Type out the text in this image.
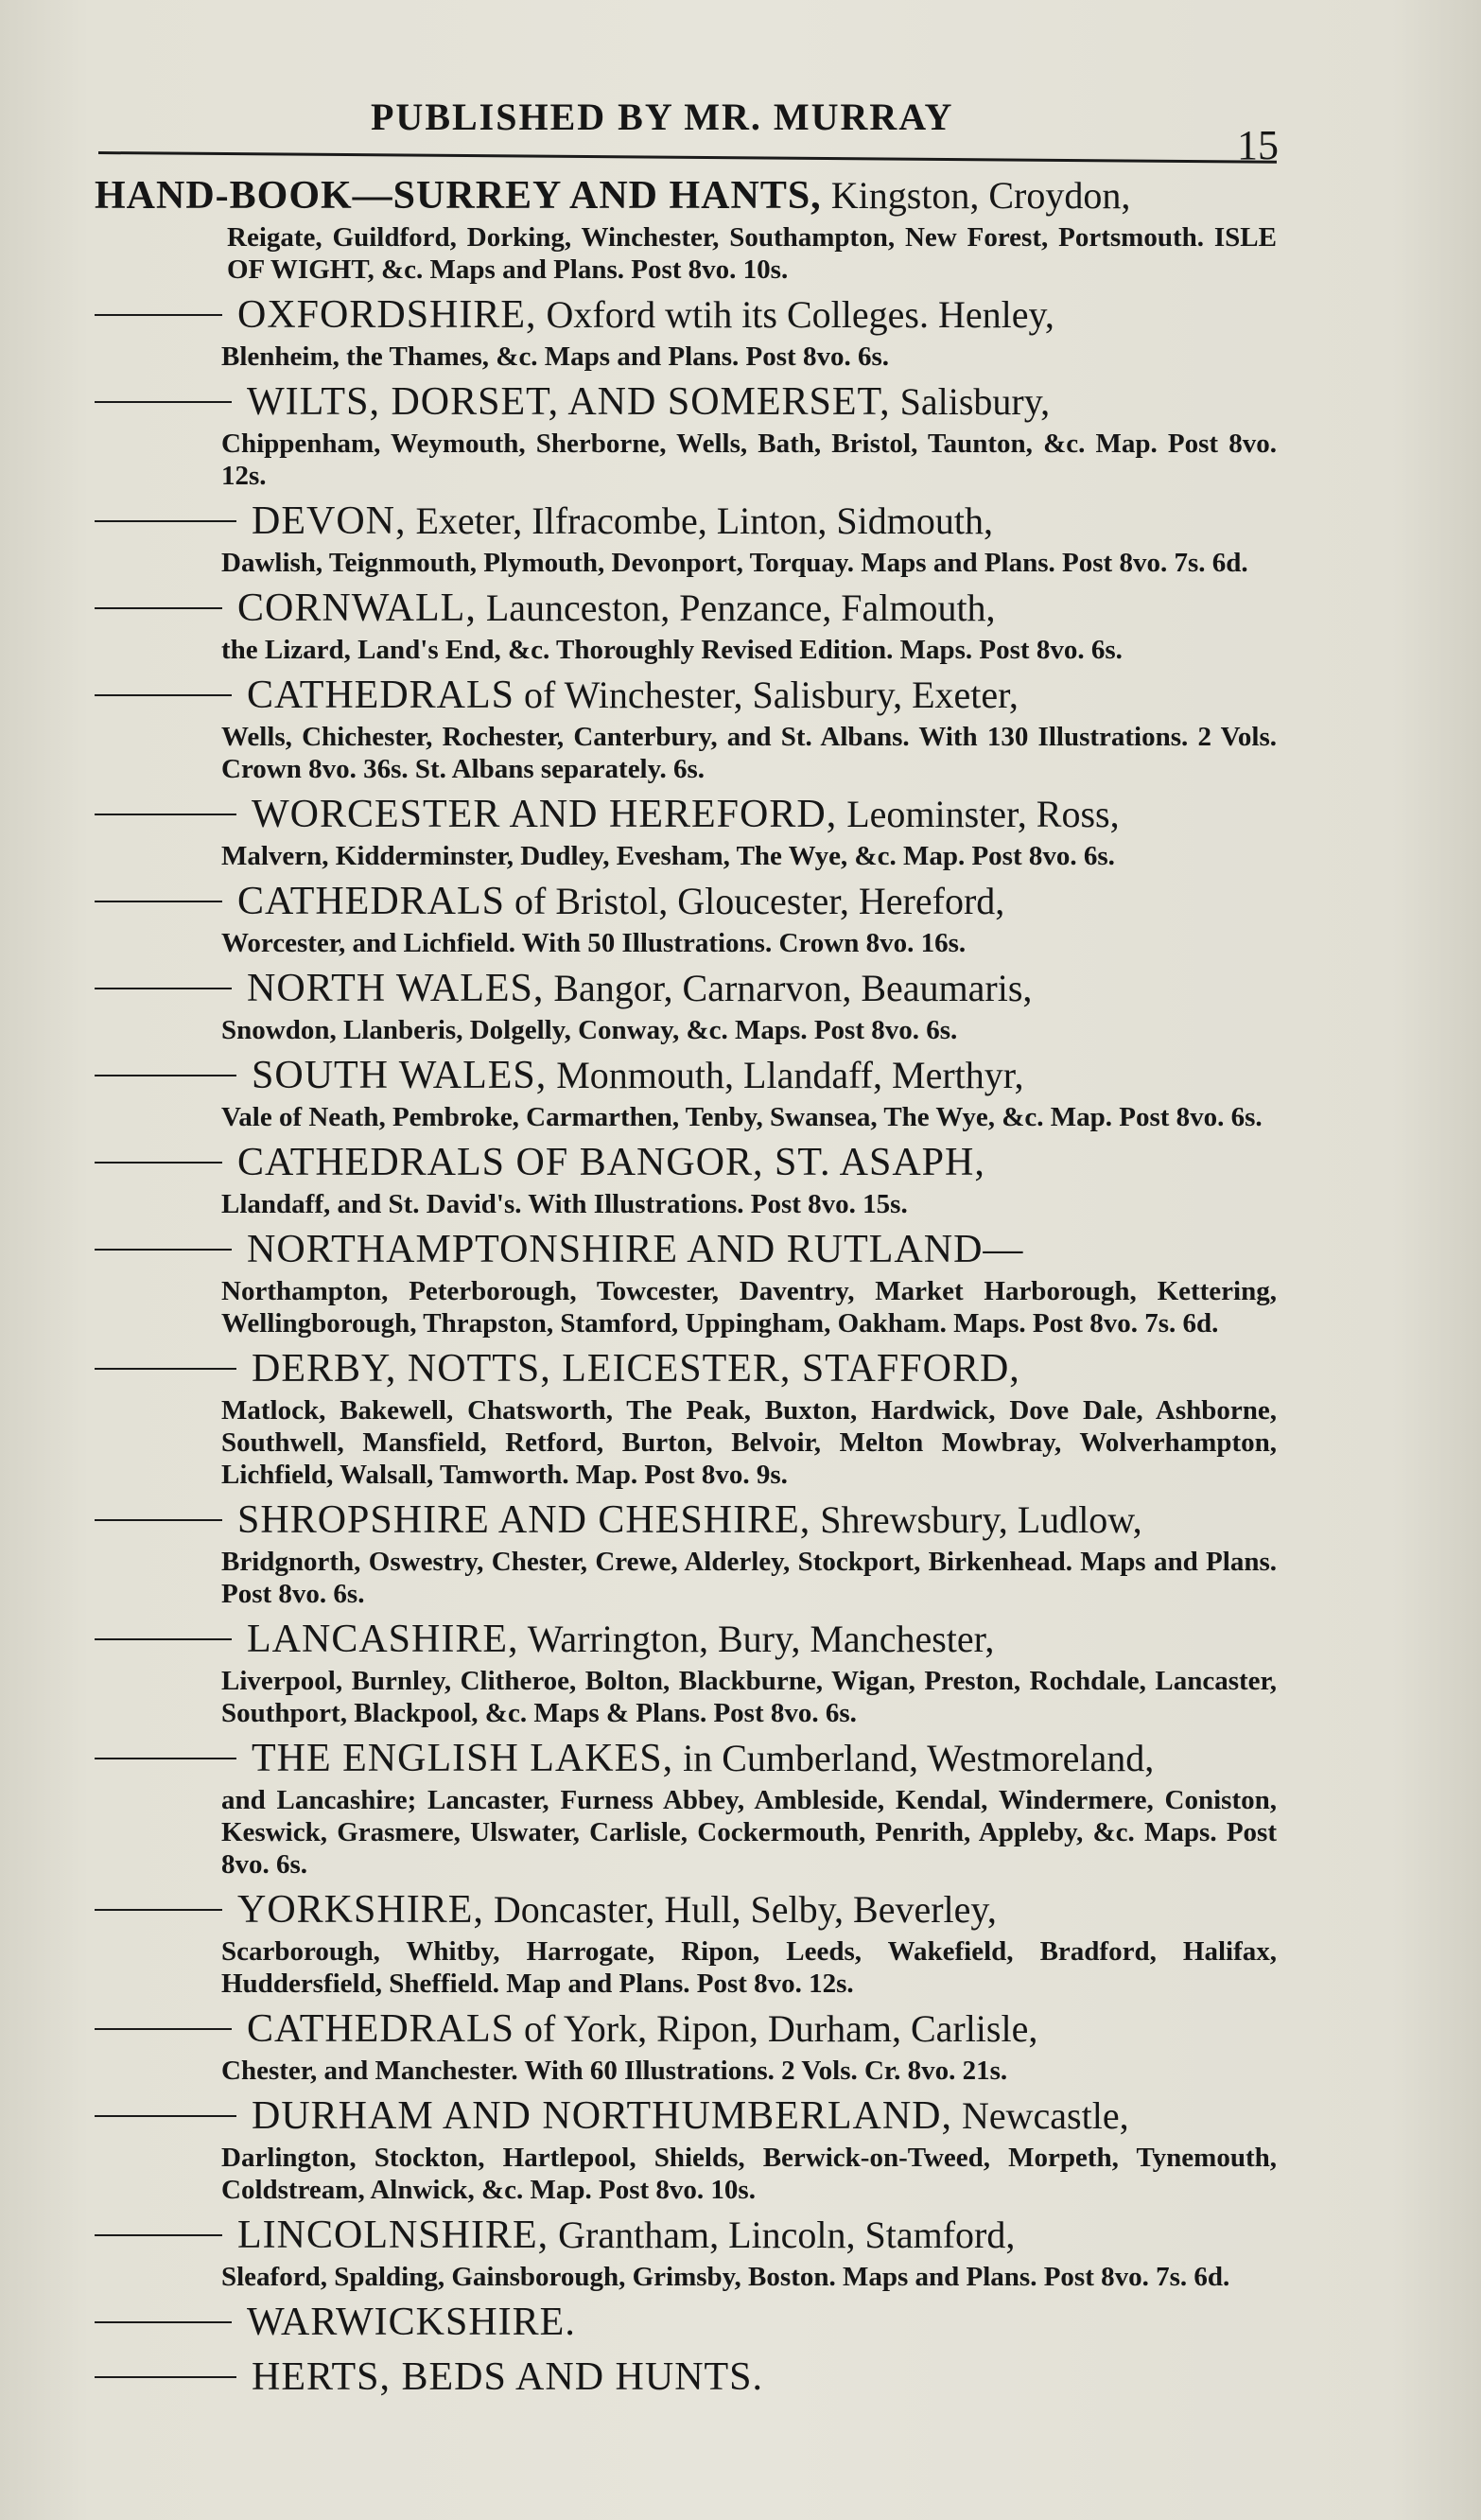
PUBLISHED BY MR. MURRAY
15
HAND-BOOK—SURREY AND HANTS, Kingston, Croydon,
Reigate, Guildford, Dorking, Winchester, Southampton, New Forest, Portsmouth. ISLE OF WIGHT, &c. Maps and Plans. Post 8vo. 10s.
OXFORDSHIRE, Oxford wtih its Colleges. Henley,
Blenheim, the Thames, &c. Maps and Plans. Post 8vo. 6s.
WILTS, DORSET, AND SOMERSET, Salisbury,
Chippenham, Weymouth, Sherborne, Wells, Bath, Bristol, Taunton, &c. Map. Post 8vo. 12s.
DEVON, Exeter, Ilfracombe, Linton, Sidmouth,
Dawlish, Teignmouth, Plymouth, Devonport, Torquay. Maps and Plans. Post 8vo. 7s. 6d.
CORNWALL, Launceston, Penzance, Falmouth,
the Lizard, Land's End, &c. Thoroughly Revised Edition. Maps. Post 8vo. 6s.
CATHEDRALS of Winchester, Salisbury, Exeter,
Wells, Chichester, Rochester, Canterbury, and St. Albans. With 130 Illustrations. 2 Vols. Crown 8vo. 36s. St. Albans separately. 6s.
WORCESTER AND HEREFORD, Leominster, Ross,
Malvern, Kidderminster, Dudley, Evesham, The Wye, &c. Map. Post 8vo. 6s.
CATHEDRALS of Bristol, Gloucester, Hereford,
Worcester, and Lichfield. With 50 Illustrations. Crown 8vo. 16s.
NORTH WALES, Bangor, Carnarvon, Beaumaris,
Snowdon, Llanberis, Dolgelly, Conway, &c. Maps. Post 8vo. 6s.
SOUTH WALES, Monmouth, Llandaff, Merthyr,
Vale of Neath, Pembroke, Carmarthen, Tenby, Swansea, The Wye, &c. Map. Post 8vo. 6s.
CATHEDRALS OF BANGOR, ST. ASAPH,
Llandaff, and St. David's. With Illustrations. Post 8vo. 15s.
NORTHAMPTONSHIRE AND RUTLAND—
Northampton, Peterborough, Towcester, Daventry, Market Harborough, Kettering, Wellingborough, Thrapston, Stamford, Uppingham, Oakham. Maps. Post 8vo. 7s. 6d.
DERBY, NOTTS, LEICESTER, STAFFORD,
Matlock, Bakewell, Chatsworth, The Peak, Buxton, Hardwick, Dove Dale, Ashborne, Southwell, Mansfield, Retford, Burton, Belvoir, Melton Mowbray, Wolverhampton, Lichfield, Walsall, Tamworth. Map. Post 8vo. 9s.
SHROPSHIRE AND CHESHIRE, Shrewsbury, Ludlow,
Bridgnorth, Oswestry, Chester, Crewe, Alderley, Stockport, Birkenhead. Maps and Plans. Post 8vo. 6s.
LANCASHIRE, Warrington, Bury, Manchester,
Liverpool, Burnley, Clitheroe, Bolton, Blackburne, Wigan, Preston, Rochdale, Lancaster, Southport, Blackpool, &c. Maps & Plans. Post 8vo. 6s.
THE ENGLISH LAKES, in Cumberland, Westmoreland,
and Lancashire; Lancaster, Furness Abbey, Ambleside, Kendal, Windermere, Coniston, Keswick, Grasmere, Ulswater, Carlisle, Cockermouth, Penrith, Appleby, &c. Maps. Post 8vo. 6s.
YORKSHIRE, Doncaster, Hull, Selby, Beverley,
Scarborough, Whitby, Harrogate, Ripon, Leeds, Wakefield, Bradford, Halifax, Huddersfield, Sheffield. Map and Plans. Post 8vo. 12s.
CATHEDRALS of York, Ripon, Durham, Carlisle,
Chester, and Manchester. With 60 Illustrations. 2 Vols. Cr. 8vo. 21s.
DURHAM AND NORTHUMBERLAND, Newcastle,
Darlington, Stockton, Hartlepool, Shields, Berwick-on-Tweed, Morpeth, Tynemouth, Coldstream, Alnwick, &c. Map. Post 8vo. 10s.
LINCOLNSHIRE, Grantham, Lincoln, Stamford,
Sleaford, Spalding, Gainsborough, Grimsby, Boston. Maps and Plans. Post 8vo. 7s. 6d.
WARWICKSHIRE.
HERTS, BEDS AND HUNTS.
